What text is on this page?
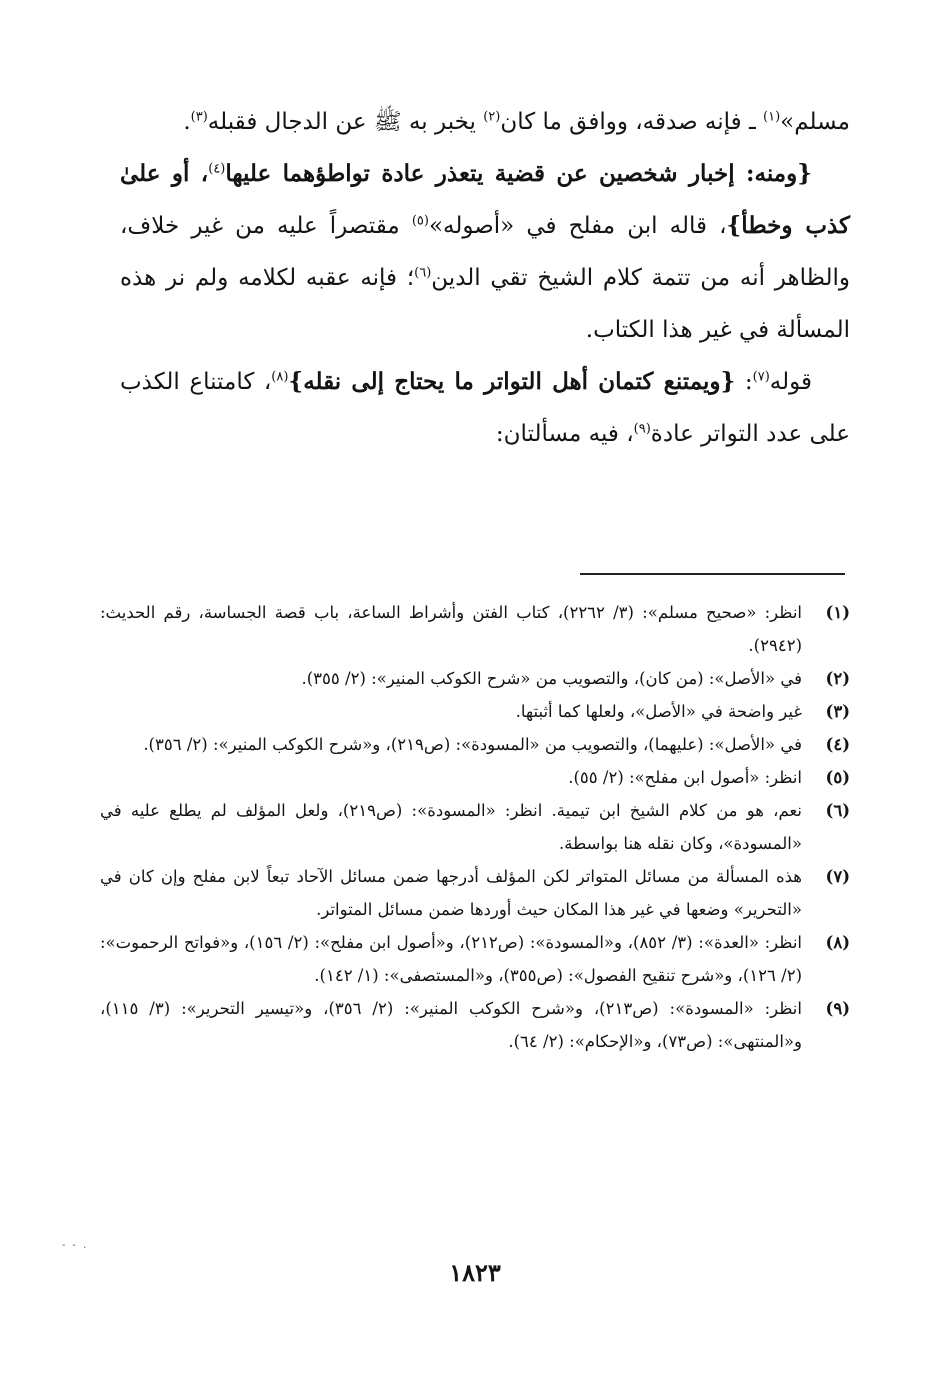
مسلم»$^{(١)}$ ـ فإنه صدقه، ووافق ما كان$^{(٢)}$ يخبر به ﷺ عن الدجال فقبله$^{(٣)}$.

{ومنه: إخبار شخصين عن قضية يتعذر عادة تواطؤهما عليها$^{(٤)}$، أو علىٰ كذب وخطأ}، قاله ابن مفلح في «أصوله»$^{(٥)}$ مقتصراً عليه من غير خلاف، والظاهر أنه من تتمة كلام الشيخ تقي الدين$^{(٦)}$؛ فإنه عقبه لكلامه ولم نر هذه المسألة في غير هذا الكتاب.

قوله$^{(٧)}$: {ويمتنع كتمان أهل التواتر ما يحتاج إلى نقله}$^{(٨)}$، كامتناع الكذب على عدد التواتر عادة$^{(٩)}$، فيه مسألتان:

(١)
انظر: «صحيح مسلم»: (٣/ ٢٢٦٢)، كتاب الفتن وأشراط الساعة، باب قصة الجساسة، رقم الحديث: (٢٩٤٢).
(٢)
في «الأصل»: (من كان)، والتصويب من «شرح الكوكب المنير»: (٢/ ٣٥٥).
(٣)
غير واضحة في «الأصل»، ولعلها كما أثبتها.
(٤)
في «الأصل»: (عليهما)، والتصويب من «المسودة»: (ص٢١٩)، و«شرح الكوكب المنير»: (٢/ ٣٥٦).
(٥)
انظر: «أصول ابن مفلح»: (٢/ ٥٥).
(٦)
نعم، هو من كلام الشيخ ابن تيمية. انظر: «المسودة»: (ص٢١٩)، ولعل المؤلف لم يطلع عليه في «المسودة»، وكان نقله هنا بواسطة.
(٧)
هذه المسألة من مسائل المتواتر لكن المؤلف أدرجها ضمن مسائل الآحاد تبعاً لابن مفلح وإن كان في «التحرير» وضعها في غير هذا المكان حيث أوردها ضمن مسائل المتواتر.
(٨)
انظر: «العدة»: (٣/ ٨٥٢)، و«المسودة»: (ص٢١٢)، و«أصول ابن مفلح»: (٢/ ١٥٦)، و«فواتح الرحموت»: (٢/ ١٢٦)، و«شرح تنقيح الفصول»: (ص٣٥٥)، و«المستصفى»: (١/ ١٤٢).
(٩)
انظر: «المسودة»: (ص٢١٣)، و«شرح الكوكب المنير»: (٢/ ٣٥٦)، و«تيسير التحرير»: (٣/ ١١٥)، و«المنتهى»: (ص٧٣)، و«الإحكام»: (٢/ ٦٤).
- - .
١٨٢٣
